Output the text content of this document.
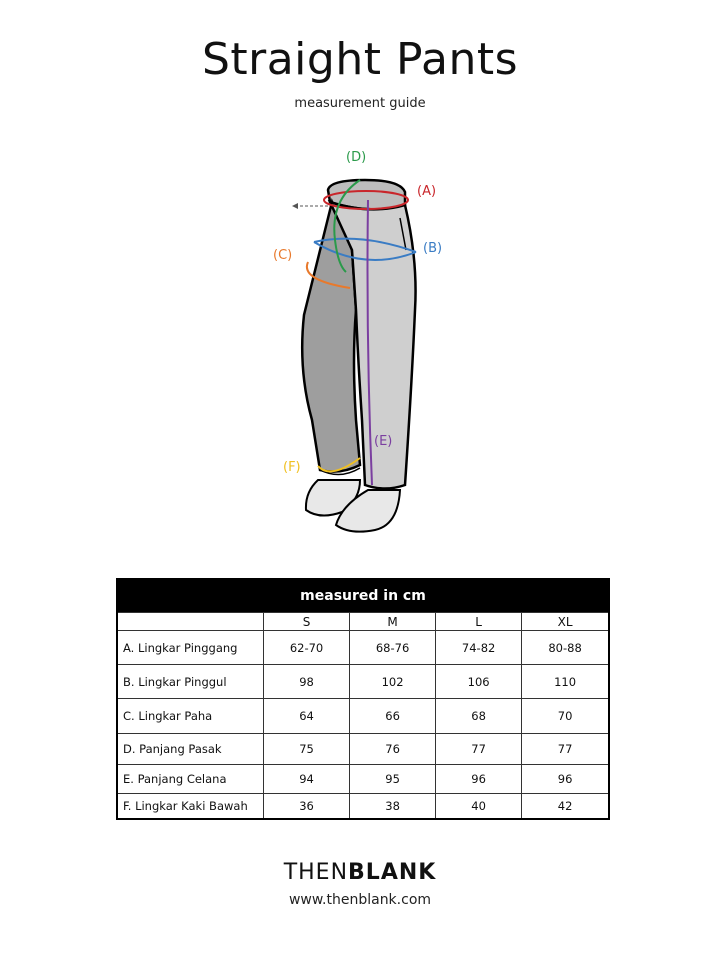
Straight Pants
measurement guide
(A)
(B)
(C)
(D)
(E)
(F)
measured in cm				
	S	M	L	XL
A. Lingkar Pinggang	62-70	68-76	74-82	80-88
B. Lingkar Pinggul	98	102	106	110
C. Lingkar Paha	64	66	68	70
D. Panjang Pasak	75	76	77	77
E. Panjang Celana	94	95	96	96
F. Lingkar Kaki Bawah	36	38	40	42
THENBLANK
www.thenblank.com
